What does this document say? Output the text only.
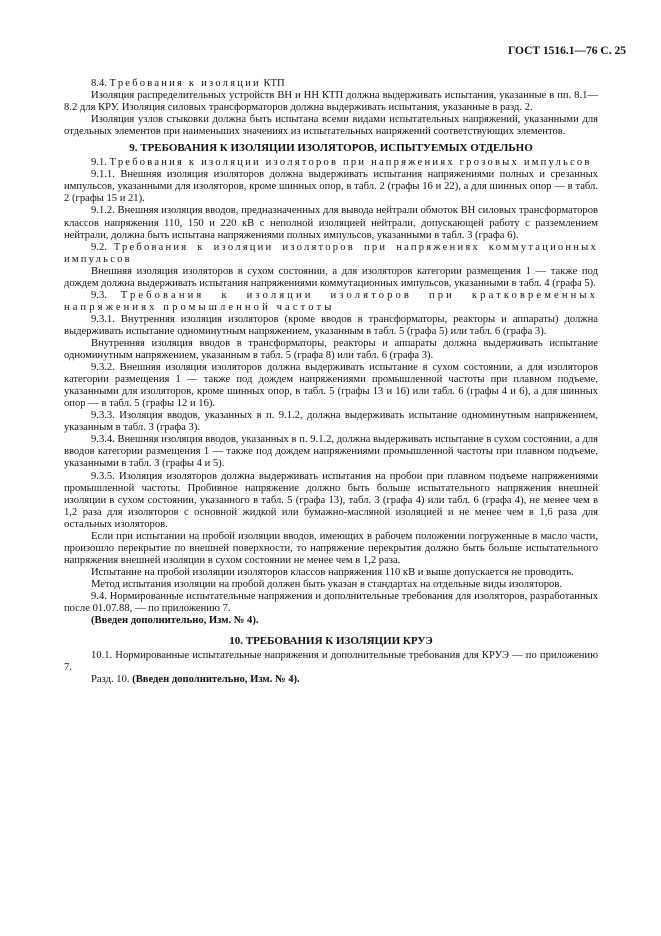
ГОСТ 1516.1—76 С. 25

8.4. Требования к изоляции КТП

Изоляция распределительных устройств ВН и НН КТП должна выдерживать испытания, указанные в пп. 8.1—8.2 для КРУ. Изоляция силовых трансформаторов должна выдерживать испытания, указанные в разд. 2.

Изоляция узлов стыковки должна быть испытана всеми видами испытательных напряжений, указанными для отдельных элементов при наименьших значениях из испытательных напряжений соответствующих элементов.

9. ТРЕБОВАНИЯ К ИЗОЛЯЦИИ ИЗОЛЯТОРОВ, ИСПЫТУЕМЫХ ОТДЕЛЬНО

9.1. Требования к изоляции изоляторов при напряжениях грозовых импульсов

9.1.1. Внешняя изоляция изоляторов должна выдерживать испытания напряжениями полных и срезанных импульсов, указанными для изоляторов, кроме шинных опор, в табл. 2 (графы 16 и 22), а для шинных опор — в табл. 2 (графы 15 и 21).

9.1.2. Внешняя изоляция вводов, предназначенных для вывода нейтрали обмоток ВН силовых трансформаторов классов напряжения 110, 150 и 220 кВ с неполной изоляцией нейтрали, допускающей работу с разземлением нейтрали, должна быть испытана напряжениями полных импульсов, указанными в табл. 3 (графа 6).

9.2. Требования к изоляции изоляторов при напряжениях коммутационных импульсов

Внешняя изоляция изоляторов в сухом состоянии, а для изоляторов категории размещения 1 — также под дождем должна выдерживать испытания напряжениями коммутационных импульсов, указанными в табл. 4 (графа 5).

9.3. Требования к изоляции изоляторов при кратковременных напряжениях промышленной частоты

9.3.1. Внутренняя изоляция изоляторов (кроме вводов в трансформаторы, реакторы и аппараты) должна выдерживать испытание одноминутным напряжением, указанным в табл. 5 (графа 5) или табл. 6 (графа 3).

Внутренняя изоляция вводов в трансформаторы, реакторы и аппараты должна выдерживать испытание одноминутным напряжением, указанным в табл. 5 (графа 8) или табл. 6 (графа 3).

9.3.2. Внешняя изоляция изоляторов должна выдерживать испытание в сухом состоянии, а для изоляторов категории размещения 1 — также под дождем напряжениями промышленной частоты при плавном подъеме, указанными для изоляторов, кроме шинных опор, в табл. 5 (графы 13 и 16) или табл. 6 (графы 4 и 6), а для шинных опор — в табл. 5 (графы 12 и 16).

9.3.3. Изоляция вводов, указанных в п. 9.1.2, должна выдерживать испытание одноминутным напряжением, указанным в табл. 3 (графа 3).

9.3.4. Внешняя изоляция вводов, указанных в п. 9.1.2, должна выдерживать испытание в сухом состоянии, а для вводов категории размещения 1 — также под дождем напряжениями промышленной частоты при плавном подъеме, указанными в табл. 3 (графы 4 и 5).

9.3.5. Изоляция изоляторов должна выдерживать испытания на пробои при плавном подъеме напряжениями промышленной частоты. Пробивное напряжение должно быть больше испытательного напряжения внешней изоляции в сухом состоянии, указанного в табл. 5 (графа 13), табл. 3 (графа 4) или табл. 6 (графа 4), не менее чем в 1,2 раза для изоляторов с основной жидкой или бумажно-масляной изоляцией и не менее чем в 1,6 раза для остальных изоляторов.

Если при испытании на пробой изоляции вводов, имеющих в рабочем положении погруженные в масло части, произошло перекрытие по внешней поверхности, то напряжение перекрытия должно быть больше испытательного напряжения внешней изоляции в сухом состоянии не менее чем в 1,2 раза.

Испытание на пробой изоляции изоляторов классов напряжения 110 кВ и выше допускается не проводить.

Метод испытания изоляции на пробой должен быть указан в стандартах на отдельные виды изоляторов.

9.4. Нормированные испытательные напряжения и дополнительные требования для изоляторов, разработанных после 01.07.88, — по приложению 7.

(Введен дополнительно, Изм. № 4).

10. ТРЕБОВАНИЯ К ИЗОЛЯЦИИ КРУЭ

10.1. Нормированные испытательные напряжения и дополнительные требования для КРУЭ — по приложению 7.

Разд. 10. (Введен дополнительно, Изм. № 4).
